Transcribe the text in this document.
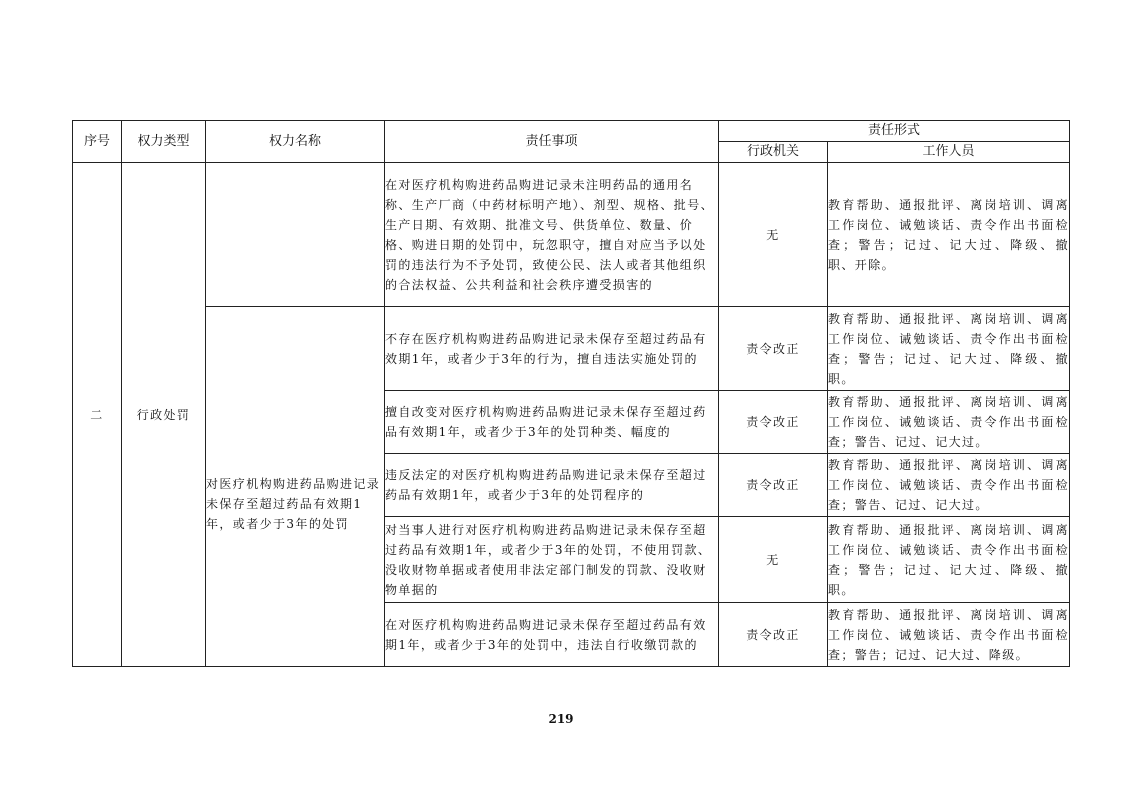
序号	权力类型	权力名称	责任事项	责任形式	
				行政机关	工作人员
二	行政处罚		在对医疗机构购进药品购进记录未注明药品的通用名称、生产厂商（中药材标明产地）、剂型、规格、批号、生产日期、有效期、批准文号、供货单位、数量、价格、购进日期的处罚中，玩忽职守，擅自对应当予以处罚的违法行为不予处罚，致使公民、法人或者其他组织的合法权益、公共利益和社会秩序遭受损害的	无	教育帮助、通报批评、离岗培训、调离工作岗位、诫勉谈话、责令作出书面检查；警告；记过、记大过、降级、撤职、开除。
		对医疗机构购进药品购进记录未保存至超过药品有效期1年，或者少于3年的处罚	不存在医疗机构购进药品购进记录未保存至超过药品有效期1年，或者少于3年的行为，擅自违法实施处罚的	责令改正	教育帮助、通报批评、离岗培训、调离工作岗位、诫勉谈话、责令作出书面检查；警告；记过、记大过、降级、撤职。
			擅自改变对医疗机构购进药品购进记录未保存至超过药品有效期1年，或者少于3年的处罚种类、幅度的	责令改正	教育帮助、通报批评、离岗培训、调离工作岗位、诫勉谈话、责令作出书面检查；警告、记过、记大过。
			违反法定的对医疗机构购进药品购进记录未保存至超过药品有效期1年，或者少于3年的处罚程序的	责令改正	教育帮助、通报批评、离岗培训、调离工作岗位、诫勉谈话、责令作出书面检查；警告、记过、记大过。
			对当事人进行对医疗机构购进药品购进记录未保存至超过药品有效期1年，或者少于3年的处罚，不使用罚款、没收财物单据或者使用非法定部门制发的罚款、没收财物单据的	无	教育帮助、通报批评、离岗培训、调离工作岗位、诫勉谈话、责令作出书面检查；警告；记过、记大过、降级、撤职。
			在对医疗机构购进药品购进记录未保存至超过药品有效期1年，或者少于3年的处罚中，违法自行收缴罚款的	责令改正	教育帮助、通报批评、离岗培训、调离工作岗位、诫勉谈话、责令作出书面检查；警告；记过、记大过、降级。
219
